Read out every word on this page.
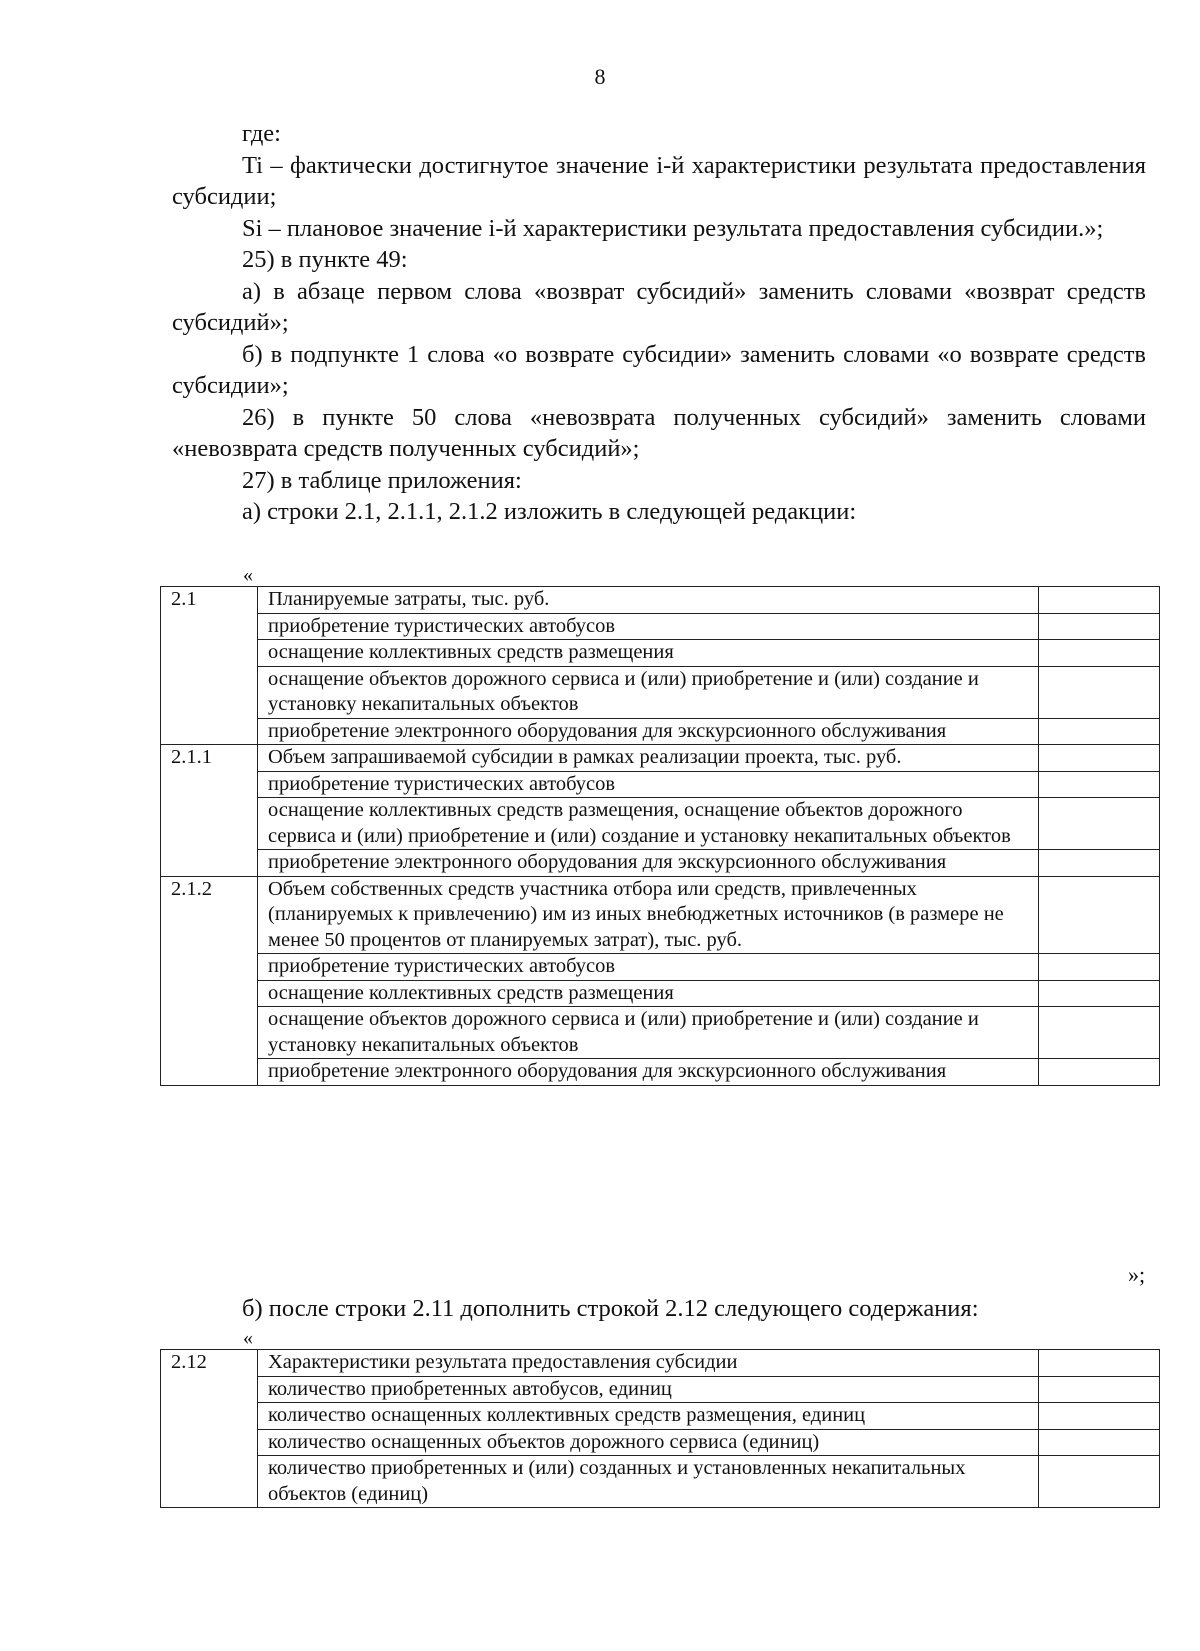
8

где:

Ti – фактически достигнутое значение i-й характеристики результата предоставления субсидии;

Si – плановое значение i-й характеристики результата предоставления субсидии.»;

25) в пункте 49:

а) в абзаце первом слова «возврат субсидий» заменить словами «возврат средств субсидий»;

б) в подпункте 1 слова «о возврате субсидии» заменить словами «о возврате средств субсидии»;

26) в пункте 50 слова «невозврата полученных субсидий» заменить словами «невозврата средств полученных субсидий»;

27) в таблице приложения:

а) строки 2.1, 2.1.1, 2.1.2 изложить в следующей редакции:

«
2.1	Планируемые затраты, тыс. руб.	
	приобретение туристических автобусов	
	оснащение коллективных средств размещения	
	оснащение объектов дорожного сервиса и (или) приобретение и (или) создание и установку некапитальных объектов	
	приобретение электронного оборудования для экскурсионного обслуживания	
2.1.1	Объем запрашиваемой субсидии в рамках реализации проекта, тыс. руб.	
	приобретение туристических автобусов	
	оснащение коллективных средств размещения, оснащение объектов дорожного сервиса и (или) приобретение и (или) создание и установку некапитальных объектов	
	приобретение электронного оборудования для экскурсионного обслуживания	
2.1.2	Объем собственных средств участника отбора или средств, привлеченных (планируемых к привлечению) им из иных внебюджетных источников (в размере не менее 50 процентов от планируемых затрат), тыс. руб.	
	приобретение туристических автобусов	
	оснащение коллективных средств размещения	
	оснащение объектов дорожного сервиса и (или) приобретение и (или) создание и установку некапитальных объектов	
	приобретение электронного оборудования для экскурсионного обслуживания	
»;
б) после строки 2.11 дополнить строкой 2.12 следующего содержания:
«
2.12	Характеристики результата предоставления субсидии	
	количество приобретенных автобусов, единиц	
	количество оснащенных коллективных средств размещения, единиц	
	количество оснащенных объектов дорожного сервиса (единиц)	
	количество приобретенных и (или) созданных и установленных некапитальных объектов (единиц)	
